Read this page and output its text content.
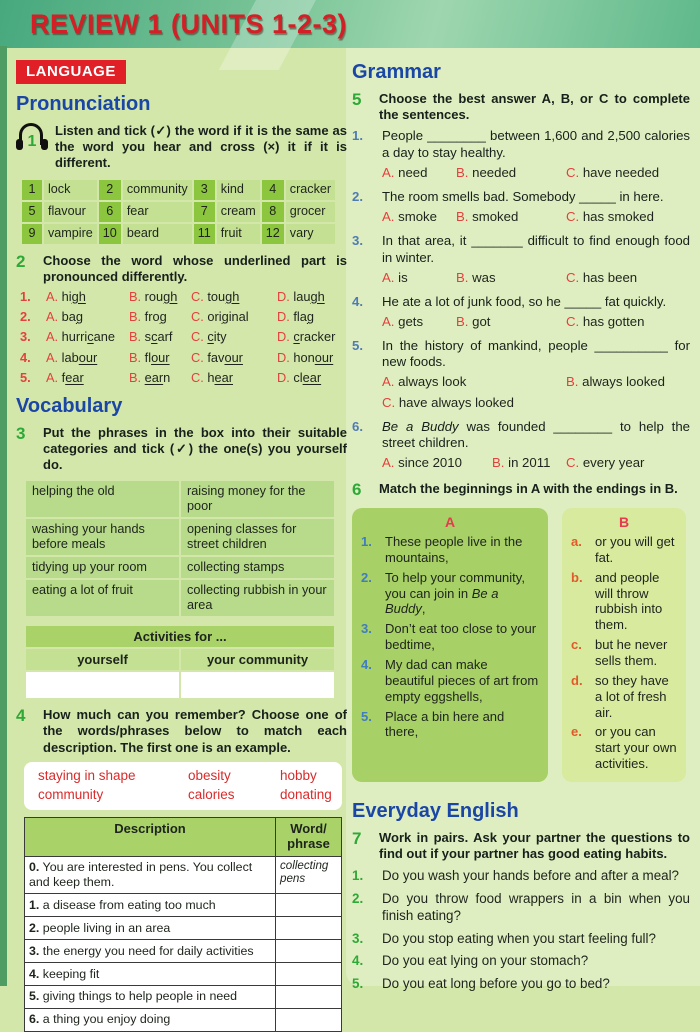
REVIEW 1 (UNITS 1-2-3)
LANGUAGE
Pronunciation
1

Listen and tick (✓) the word if it is the same as the word you hear and cross (×) it if it is different.

1	lock	2	community	3	kind	4	cracker
5	flavour	6	fear	7	cream	8	grocer
9	vampire	10	beard	11	fruit	12	vary
2	Choose the word whose underlined part is pronounced differently.

1.	A. high	B. rough	C. tough	D. laugh
2.	A. bag	B. frog	C. original	D. flag
3.	A. hurricane	B. scarf	C. city	D. cracker
4.	A. labour	B. flour	C. favour	D. honour
5.	A. fear	B. earn	C. hear	D. clear
Vocabulary
3	Put the phrases in the box into their suitable categories and tick (✓) the one(s) you yourself do.

helping the old	raising money for the poor
washing your hands before meals	opening classes for street children
tidying up your room	collecting stamps
eating a lot of fruit	collecting rubbish in your area
Activities for ...	
yourself	your community

4	How much can you remember? Choose one of the words/phrases below to match each description. The first one is an example.

staying in shape	obesity	hobby
community	calories	donating
Description	Word/
phrase
0. You are interested in pens. You collect and keep them.	collecting pens
1. a disease from eating too much	
2. people living in an area	
3. the energy you need for daily activities	
4. keeping fit	
5. giving things to help people in need	
6. a thing you enjoy doing	
Grammar
5	Choose the best answer A, B, or C to complete the sentences.

1.	People ________ between 1,600 and 2,500 calories a day to stay healthy.
A. need	B. needed	C. have needed
2.	The room smells bad. Somebody _____ in here.
A. smoke	B. smoked	C. has smoked
3.	In that area, it _______ difficult to find enough food in winter.
A. is	B. was	C. has been
4.	He ate a lot of junk food, so he _____ fat quickly.
A. gets	B. got	C. has gotten
5.	In the history of mankind, people __________ for new foods.
A. always look	B. always looked
C. have always looked
6.	Be a Buddy was founded ________ to help the street children.
A. since 2010	B. in 2011	C. every year
6	Match the beginnings in A with the endings in B.

A
1.	These people live in the mountains,
2.	To help your community, you can join in Be a Buddy,
3.	Don’t eat too close to your bedtime,
4.	My dad can make beautiful pieces of art from empty eggshells,
5.	Place a bin here and there,
B
a.	or you will get fat.
b. and people will throw rubbish into them.
c.	but he never sells them.
d. so they have a lot of fresh air.
e.	or you can start your own activities.
Everyday English
7	Work in pairs. Ask your partner the questions to find out if your partner has good eating habits.

1.	Do you wash your hands before and after a meal?
2.	Do you throw food wrappers in a bin when you finish eating?
3.	Do you stop eating when you start feeling full?
4.	Do you eat lying on your stomach?
5.	Do you eat long before you go to bed?
